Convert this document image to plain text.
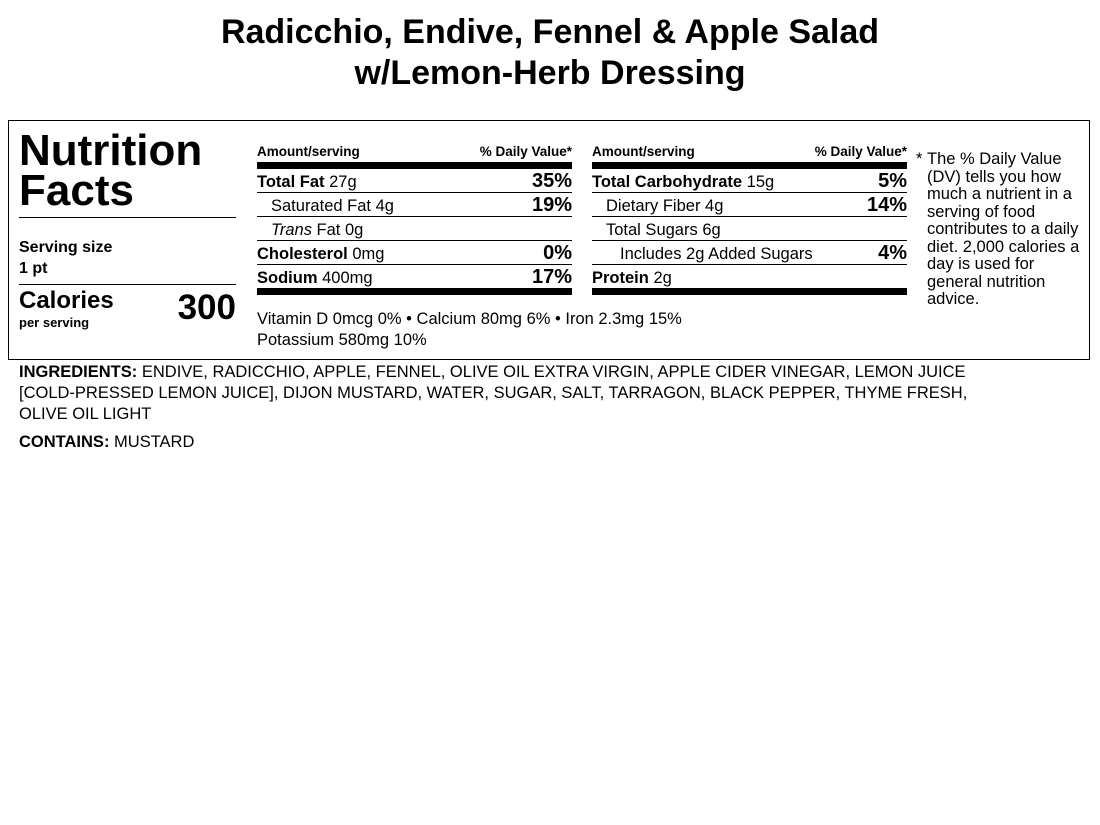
Radicchio, Endive, Fennel & Apple Salad
w/Lemon-Herb Dressing
Nutrition
Facts
Serving size
1 pt
Calories
per serving	300
Amount/serving	% Daily Value*
Total Fat 27g	35%
Saturated Fat 4g	19%
Trans Fat 0g
Cholesterol 0mg	0%
Sodium 400mg	17%
Amount/serving	% Daily Value*
Total Carbohydrate 15g	5%
Dietary Fiber 4g	14%
Total Sugars 6g
Includes 2g Added Sugars	4%
Protein 2g
Vitamin D 0mcg 0% • Calcium 80mg 6% • Iron 2.3mg 15%
Potassium 580mg 10%
* The % Daily Value (DV) tells you how much a nutrient in a serving of food contributes to a daily diet. 2,000 calories a day is used for general nutrition advice.
INGREDIENTS: ENDIVE, RADICCHIO, APPLE, FENNEL, OLIVE OIL EXTRA VIRGIN, APPLE CIDER VINEGAR, LEMON JUICE [COLD-PRESSED LEMON JUICE], DIJON MUSTARD, WATER, SUGAR, SALT, TARRAGON, BLACK PEPPER, THYME FRESH, OLIVE OIL LIGHT
CONTAINS: MUSTARD
